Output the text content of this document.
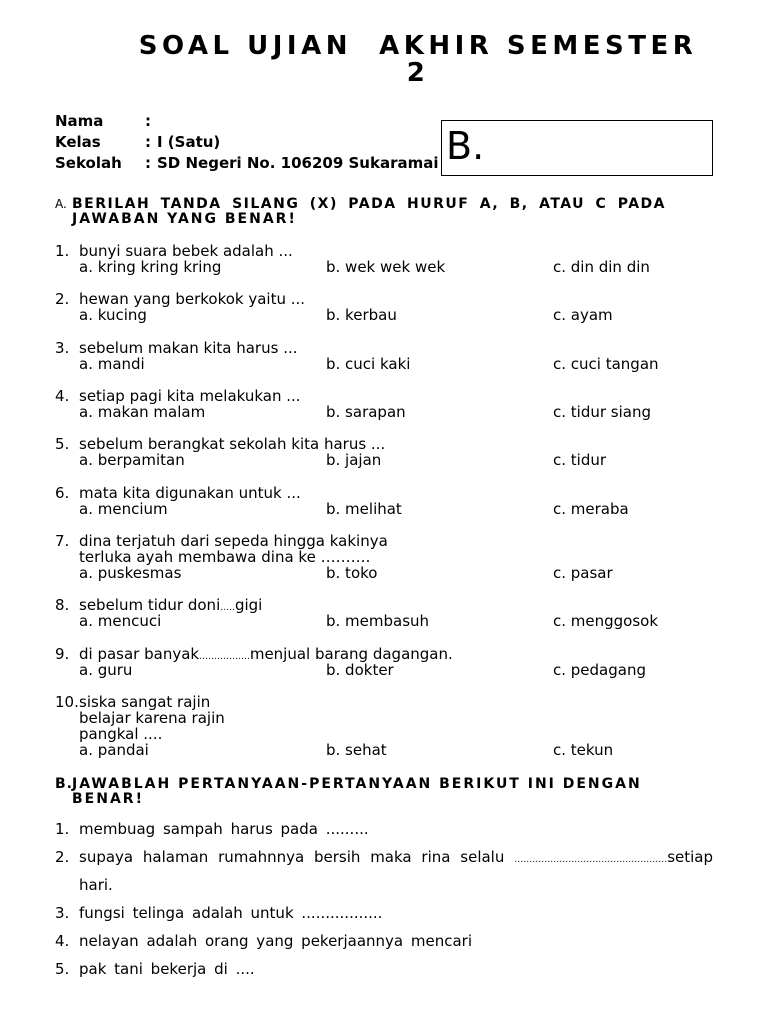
SOAL UJIAN  AKHIR SEMESTER
2
Nama	:
Kelas	: I (Satu)
Sekolah : SD Negeri No. 106209 Sukaramai B.
A. BERILAH TANDA SILANG (X) PADA HURUF A, B, ATAU C PADA
JAWABAN YANG BENAR!
1. bunyi suara bebek adalah ...
a. kring kring kring	b. wek wek wek	c. din din din
2. hewan yang berkokok yaitu ...
a. kucing	b. kerbau	c. ayam
3. sebelum makan kita harus ...
a. mandi	b. cuci kaki	c. cuci tangan
4. setiap pagi kita melakukan ...
a. makan malam	b. sarapan	c. tidur siang
5. sebelum berangkat sekolah kita harus ...
a. berpamitan	b. jajan	c. tidur
6. mata kita digunakan untuk ...
a. mencium	b. melihat	c. meraba
7. dina terjatuh dari sepeda hingga kakinya
terluka ayah membawa dina ke ……….
a. puskesmas	b. toko	c. pasar
8. sebelum tidur doni…..gigi
a. mencuci	b. membasuh	c. menggosok
9. di pasar banyak……………..menjual barang dagangan.
a. guru	b. dokter	c. pedagang
10. siska sangat rajin
belajar karena rajin
pangkal ....
a. pandai	b. sehat	c. tekun
B. JAWABLAH PERTANYAAN-PERTANYAAN BERIKUT INI DENGAN
BENAR!
1. membuag sampah harus pada .........
2. supaya halaman rumahnnya bersih maka rina selalu ……………………………………………setiap
hari.
3. fungsi telinga adalah untuk .................
4. nelayan adalah orang yang pekerjaannya mencari
5. pak tani bekerja di ....
